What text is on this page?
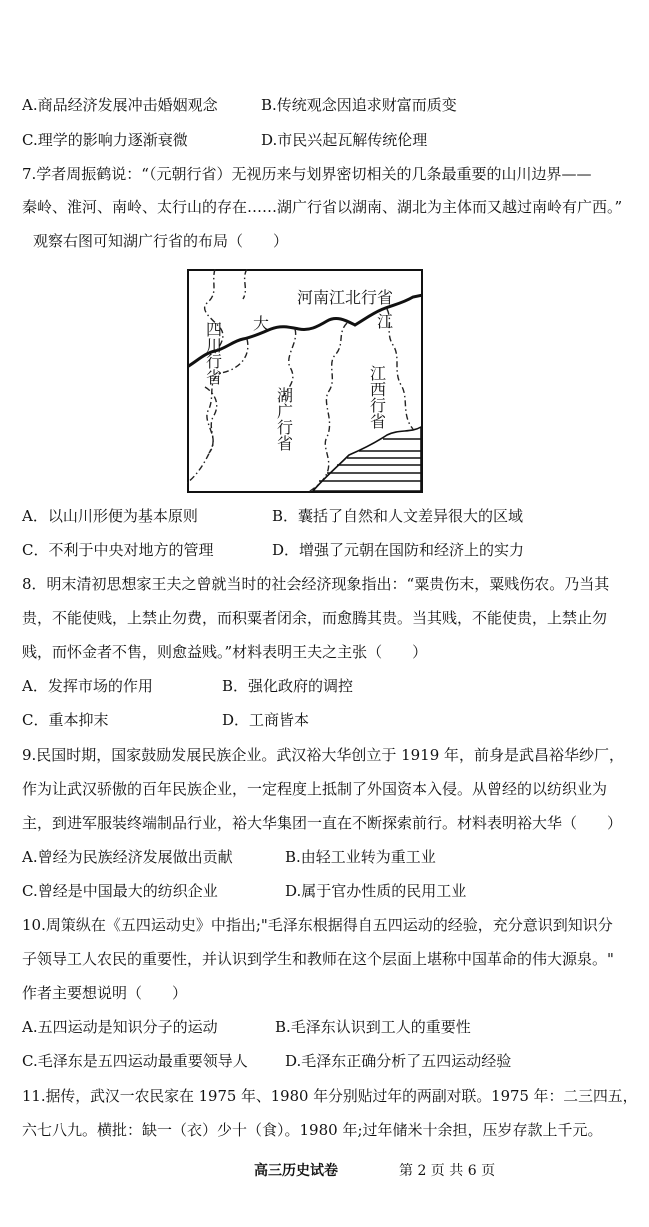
A.商品经济发展冲击婚姻观念	B.传统观念因追求财富而质变
C.理学的影响力逐渐衰微	D.市民兴起瓦解传统伦理
7.学者周振鹤说：“（元朝行省）无视历来与划界密切相关的几条最重要的山川边界——
秦岭、淮河、南岭、太行山的存在……湖广行省以湖南、湖北为主体而又越过南岭有广西。”
观察右图可知湖广行省的布局（　　）
河南江北行省
江
大
四川行省
湖广行省	江西行省
A．以山川形便为基本原则	B．囊括了自然和人文差异很大的区域
C．不利于中央对地方的管理	D．增强了元朝在国防和经济上的实力
8．明末清初思想家王夫之曾就当时的社会经济现象指出：“粟贵伤末，粟贱伤农。乃当其
贵，不能使贱，上禁止勿费，而积粟者闭余，而愈腾其贵。当其贱，不能使贵，上禁止勿
贱，而怀金者不售，则愈益贱。”材料表明王夫之主张（　　）
A．发挥市场的作用	B．强化政府的调控
C．重本抑末	D．工商皆本
9.民国时期，国家鼓励发展民族企业。武汉裕大华创立于 1919 年，前身是武昌裕华纱厂，
作为让武汉骄傲的百年民族企业，一定程度上抵制了外国资本入侵。从曾经的以纺织业为
主，到进军服装终端制品行业，裕大华集团一直在不断探索前行。材料表明裕大华（　　）
A.曾经为民族经济发展做出贡献	B.由轻工业转为重工业
C.曾经是中国最大的纺织企业	D.属于官办性质的民用工业
10.周策纵在《五四运动史》中指出;"毛泽东根据得自五四运动的经验，充分意识到知识分
子领导工人农民的重要性，并认识到学生和教师在这个层面上堪称中国革命的伟大源泉。"
作者主要想说明（　　）
A.五四运动是知识分子的运动	B.毛泽东认识到工人的重要性
C.毛泽东是五四运动最重要领导人 D.毛泽东正确分析了五四运动经验
11.据传，武汉一农民家在 1975 年、1980 年分别贴过年的两副对联。1975 年：二三四五，
六七八九。横批：缺一（衣）少十（食）。1980 年;过年储米十余担，压岁存款上千元。
高三历史试卷	第 2 页 共 6 页
